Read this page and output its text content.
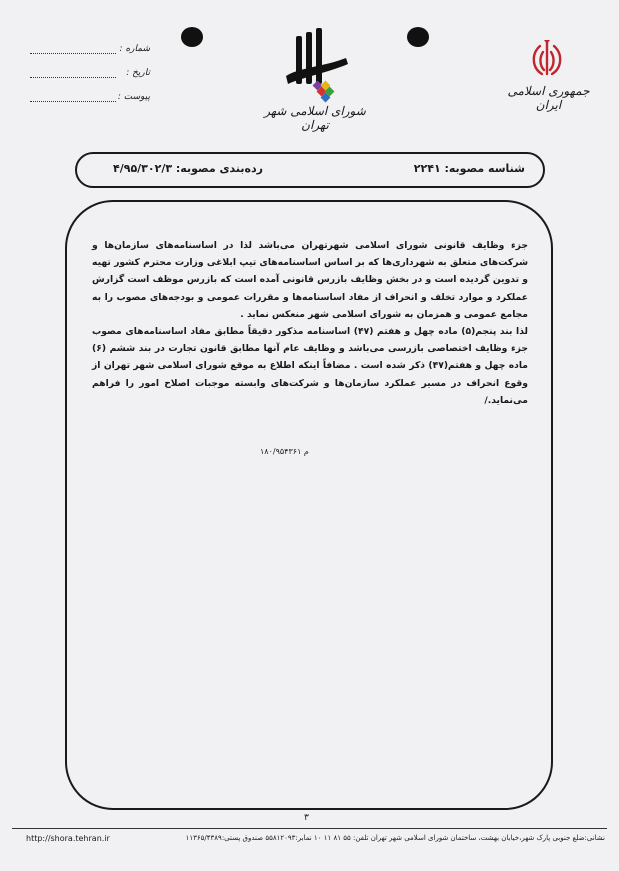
جمهوری اسلامی ایران
شورای اسلامی شهر تهران
شماره :
تاریخ :
پیوست :
شناسه مصوبه: ۲۲۴۱
رده‌بندی مصوبه: ۴/۹۵/۳۰۲/۳
جزء وظایف قانونی شورای اسلامی شهرتهران می‌باشد لذا در اساسنامه‌های سازمان‌ها و شرکت‌های متعلق به شهرداری‌ها که بر اساس اساسنامه‌های تیپ ابلاغی وزارت محترم کشور تهیه و تدوین گردیده است و در بخش وظایف بازرس قانونی آمده است که بازرس موظف است گزارش عملکرد و موارد تخلف و انحراف از مفاد اساسنامه‌ها و مقررات عمومی و بودجه‌های مصوب را به مجامع عمومی و همزمان به شورای اسلامی شهر منعکس نماید .
لذا بند پنجم(۵) ماده چهل و هفتم (۴۷) اساسنامه مذکور دقیقاً مطابق مفاد اساسنامه‌های مصوب جزء وظایف اختصاصی بازرسی می‌باشد و وظایف عام آنها مطابق قانون تجارت در بند ششم (۶) ماده چهل و هفتم(۴۷) ذکر شده است . مضافاً اینکه اطلاع به موقع شورای اسلامی شهر تهران از وقوع انحراف در مسیر عملکرد سازمان‌ها و شرکت‌های وابسته موجبات اصلاح امور را فراهم می‌نماید./
م ۱۸۰/۹۵۴۳۶۱
۳
نشانی:ضلع جنوبی پارک شهر،خیابان بهشت، ساختمان شورای اسلامی شهر تهران تلفن: ۵۵ ۸۱ ۱۱ ۱۰ نمابر:۵۵۸۱۲۰۹۳ صندوق پستی:۱۱۳۶۵/۴۳۸۹
http://shora.tehran.ir
